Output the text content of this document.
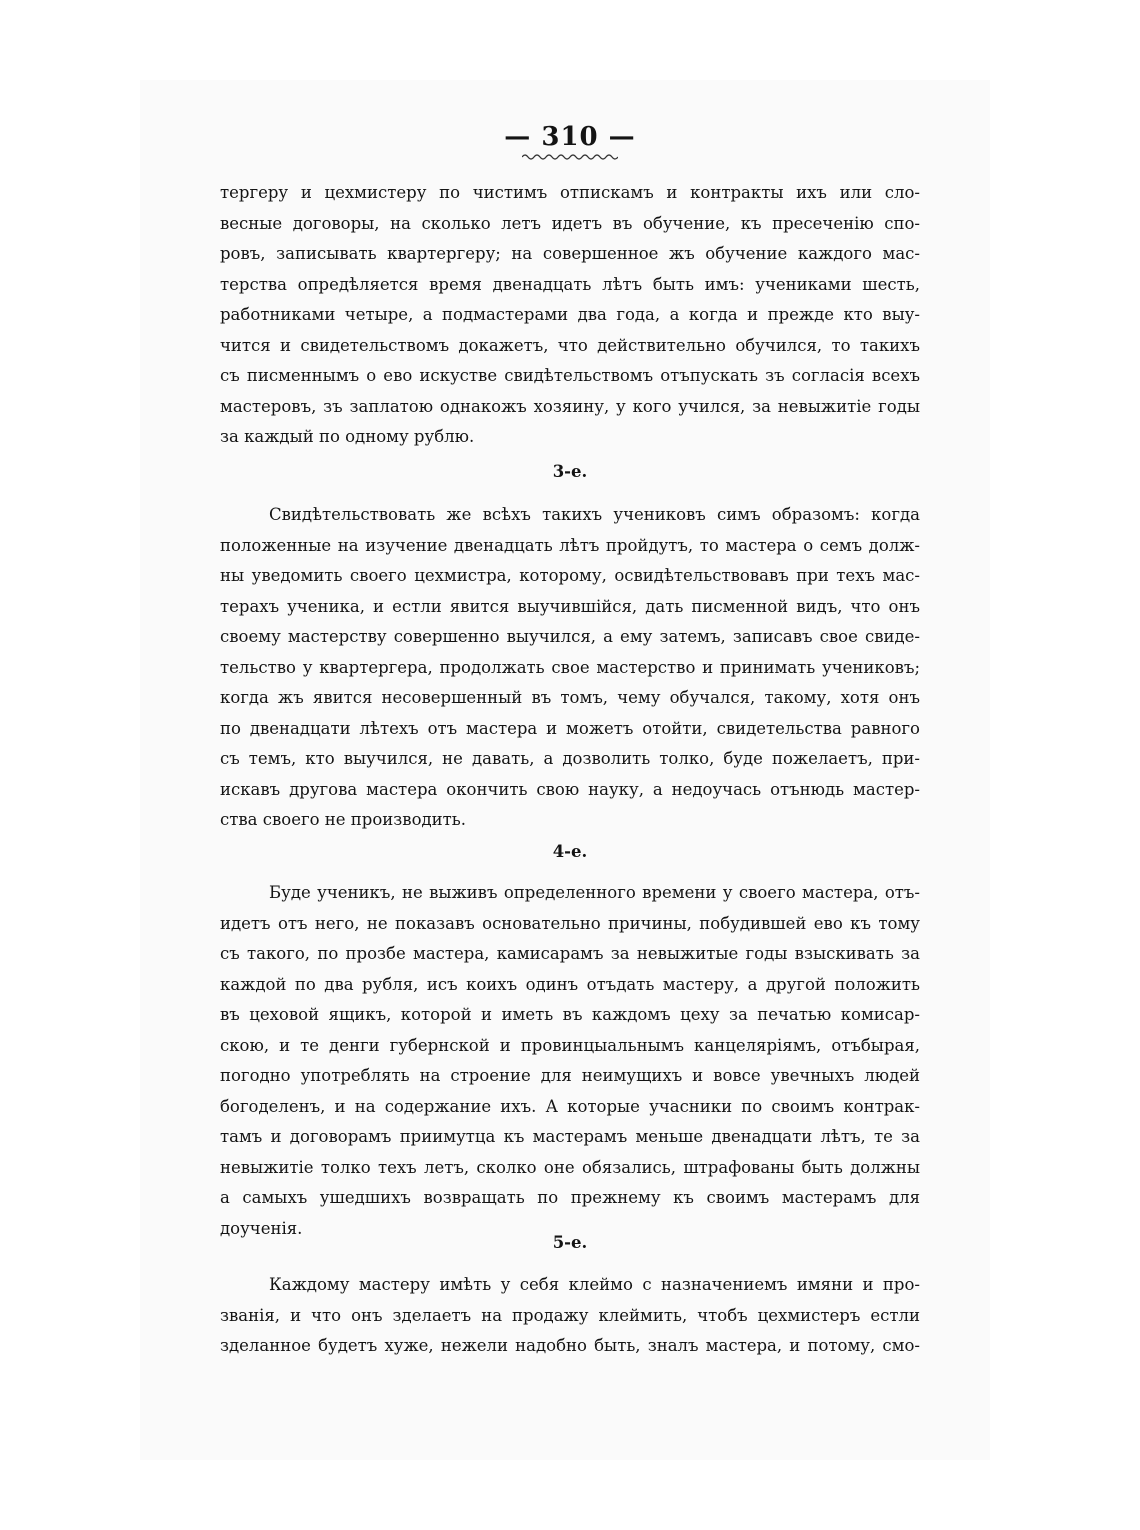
— 310 —
тергеру и цехмистеру по чистимъ отпискамъ и контракты ихъ или сло-
весные договоры, на сколько летъ идетъ въ обучение, къ пресеченію спо-
ровъ, записывать квартергеру; на совершенное жъ обучение каждого мас-
терства опредѣляется время двенадцать лѣтъ быть имъ: учениками шесть,
работниками четыре, а подмастерами два года, а когда и прежде кто выу-
чится и свидетельствомъ докажетъ, что действительно обучился, то такихъ
съ писменнымъ о ево искустве свидѣтельствомъ отъпускать зъ согласія всехъ
мастеровъ, зъ заплатою однакожъ хозяину, у кого учился, за невыжитіе годы
за каждый по одному рублю.
3-е.
Свидѣтельствовать же всѣхъ такихъ учениковъ симъ образомъ: когда
положенные на изучение двенадцать лѣтъ пройдутъ, то мастера о семъ долж-
ны уведомить своего цехмистра, которому, освидѣтельствовавъ при техъ мас-
терахъ ученика, и естли явится выучившійся, дать писменной видъ, что онъ
своему мастерству совершенно выучился, а ему затемъ, записавъ свое свиде-
тельство у квартергера, продолжать свое мастерство и принимать учениковъ;
когда жъ явится несовершенный въ томъ, чему обучался, такому, хотя онъ
по двенадцати лѣтехъ отъ мастера и можетъ отойти, свидетельства равного
съ темъ, кто выучился, не давать, а дозволить толко, буде пожелаетъ, при-
искавъ другова мастера окончить свою науку, а недоучась отънюдь мастер-
ства своего не производить.
4-е.
Буде ученикъ, не выживъ определенного времени у своего мастера, отъ-
идетъ отъ него, не показавъ основательно причины, побудившей ево къ тому
съ такого, по прозбе мастера, камисарамъ за невыжитые годы взыскивать за
каждой по два рубля, исъ коихъ одинъ отъдать мастеру, а другой положить
въ цеховой ящикъ, которой и иметь въ каждомъ цеху за печатью комисар-
скою, и те денги губернской и провинцыальнымъ канцеляріямъ, отъбырая,
погодно употреблять на строение для неимущихъ и вовсе увечныхъ людей
богоделенъ, и на содержание ихъ. А которые учасники по своимъ контрак-
тамъ и договорамъ приимутца къ мастерамъ меньше двенадцати лѣтъ, те за
невыжитіе толко техъ летъ, сколко оне обязались, штрафованы быть должны
а самыхъ ушедшихъ возвращать по прежнему къ своимъ мастерамъ для
доученія.
5-е.
Каждому мастеру имѣть у себя клеймо с назначениемъ имяни и про-
званія, и что онъ зделаетъ на продажу клеймить, чтобъ цехмистеръ естли
зделанное будетъ хуже, нежели надобно быть, зналъ мастера, и потому, смо-
